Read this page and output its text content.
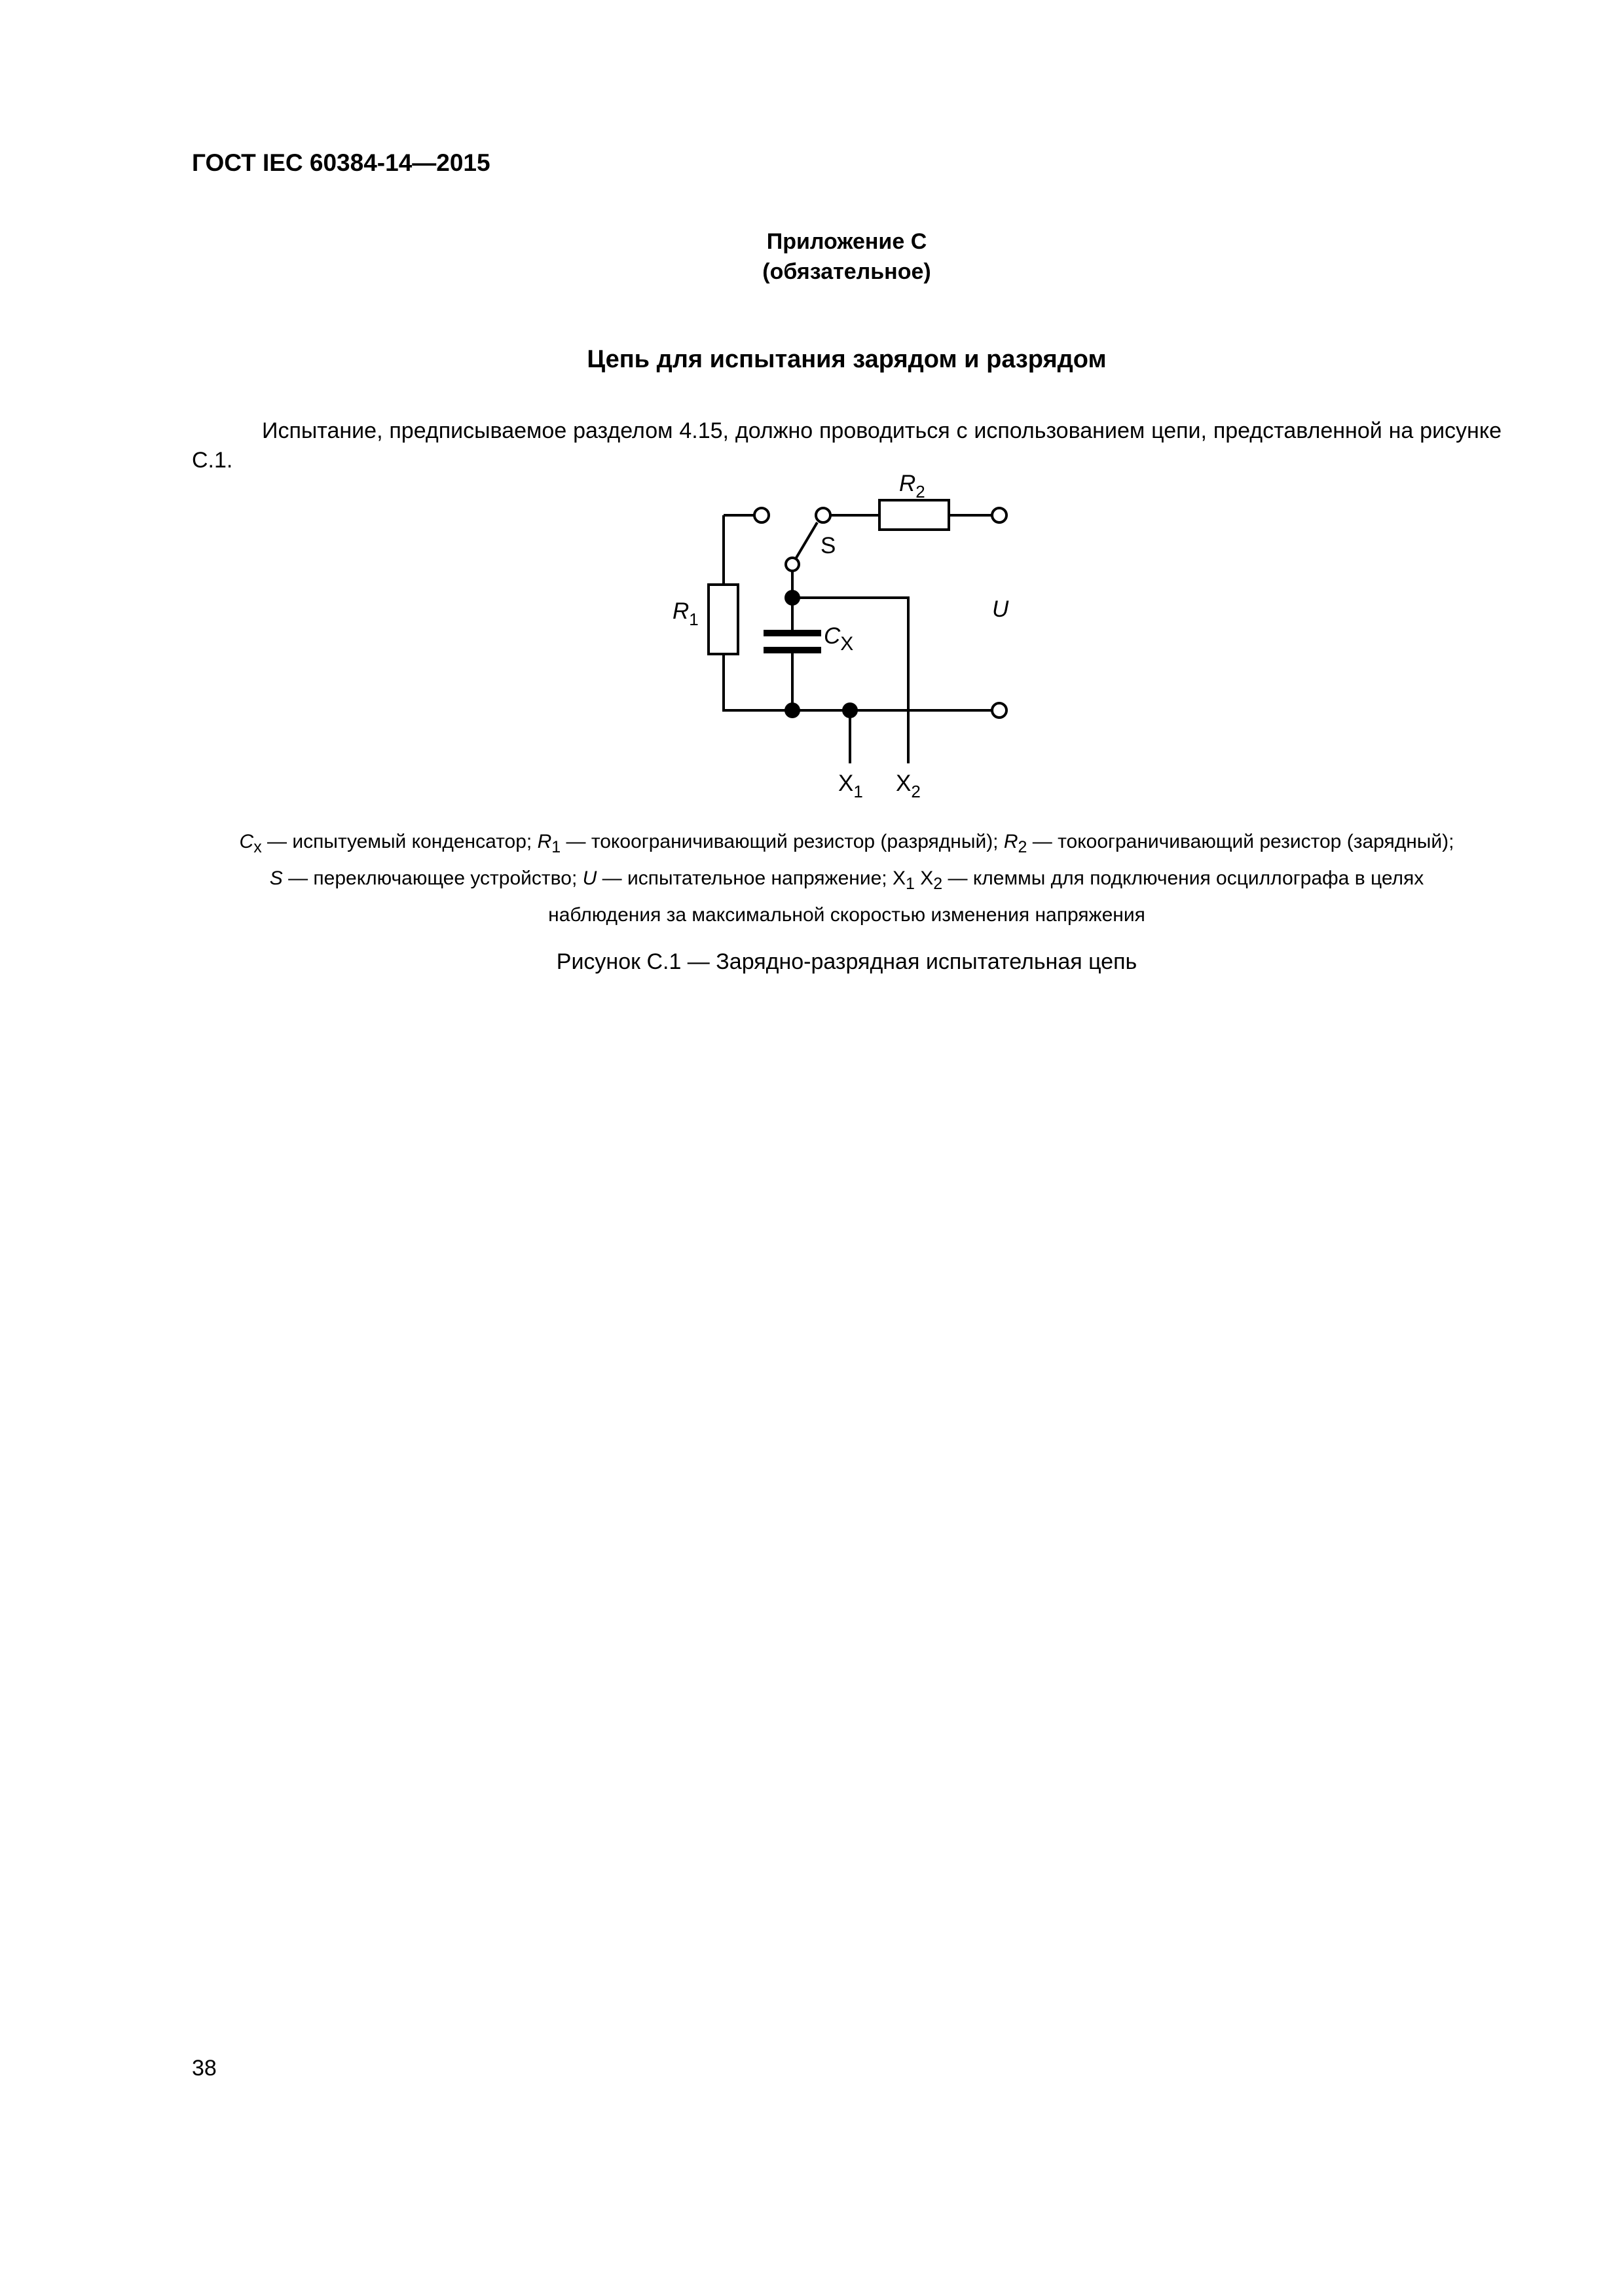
ГОСТ IEC 60384-14—2015
Приложение С
(обязательное)
Цепь для испытания зарядом и разрядом
Испытание, предписываемое разделом 4.15, должно проводиться с использованием цепи, представленной на рисунке С.1.
$R_2$
S
$R_1$
CX
U
$X_1$ $X_2$
$C_x$ — испытуемый конденсатор; $R_1$ — токоограничивающий резистор (разрядный); $R_2$ — токоограничивающий резистор (зарядный);
S — переключающее устройство; U — испытательное напряжение; $X_1$ $X_2$ — клеммы для подключения осциллографа в целях
наблюдения за максимальной скоростью изменения напряжения
Рисунок С.1 — Зарядно-разрядная испытательная цепь
38
